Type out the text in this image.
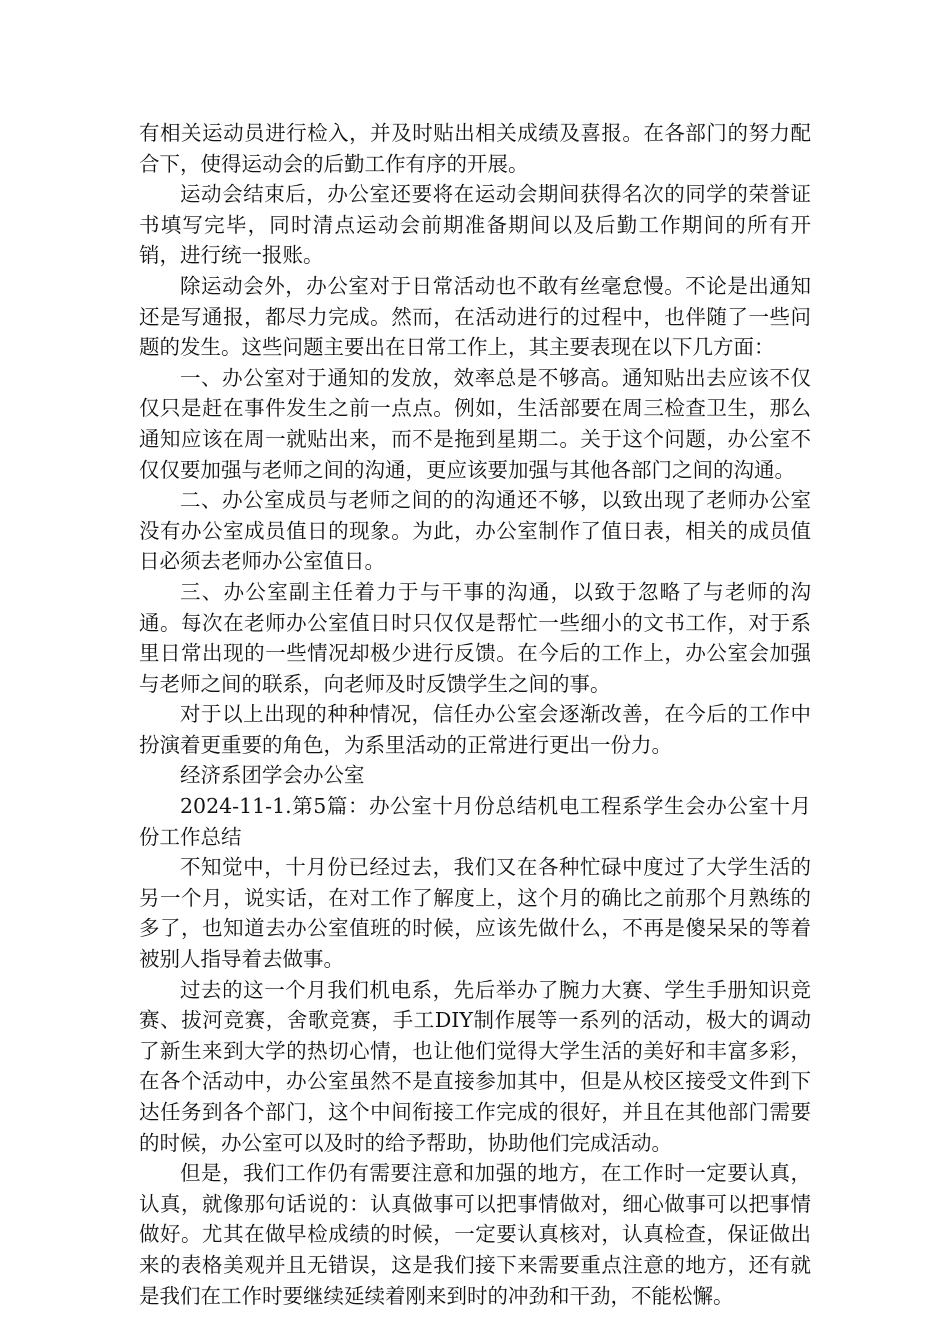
有相关运动员进行检入，并及时贴出相关成绩及喜报。在各部门的努力配合下，使得运动会的后勤工作有序的开展。

运动会结束后，办公室还要将在运动会期间获得名次的同学的荣誉证书填写完毕，同时清点运动会前期准备期间以及后勤工作期间的所有开销，进行统一报账。

除运动会外，办公室对于日常活动也不敢有丝毫怠慢。不论是出通知还是写通报，都尽力完成。然而，在活动进行的过程中，也伴随了一些问题的发生。这些问题主要出在日常工作上，其主要表现在以下几方面：

一、办公室对于通知的发放，效率总是不够高。通知贴出去应该不仅仅只是赶在事件发生之前一点点。例如，生活部要在周三检查卫生，那么通知应该在周一就贴出来，而不是拖到星期二。关于这个问题，办公室不仅仅要加强与老师之间的沟通，更应该要加强与其他各部门之间的沟通。

二、办公室成员与老师之间的的沟通还不够，以致出现了老师办公室没有办公室成员值日的现象。为此，办公室制作了值日表，相关的成员值日必须去老师办公室值日。

三、办公室副主任着力于与干事的沟通，以致于忽略了与老师的沟通。每次在老师办公室值日时只仅仅是帮忙一些细小的文书工作，对于系里日常出现的一些情况却极少进行反馈。在今后的工作上，办公室会加强与老师之间的联系，向老师及时反馈学生之间的事。

对于以上出现的种种情况，信任办公室会逐渐改善，在今后的工作中扮演着更重要的角色，为系里活动的正常进行更出一份力。

经济系团学会办公室

2024-11-1.第5篇：办公室十月份总结机电工程系学生会办公室十月份工作总结

不知觉中，十月份已经过去，我们又在各种忙碌中度过了大学生活的另一个月，说实话，在对工作了解度上，这个月的确比之前那个月熟练的多了，也知道去办公室值班的时候，应该先做什么，不再是傻呆呆的等着被别人指导着去做事。

过去的这一个月我们机电系，先后举办了腕力大赛、学生手册知识竞赛、拔河竞赛，舍歌竞赛，手工DIY制作展等一系列的活动，极大的调动了新生来到大学的热切心情，也让他们觉得大学生活的美好和丰富多彩，在各个活动中，办公室虽然不是直接参加其中，但是从校区接受文件到下达任务到各个部门，这个中间衔接工作完成的很好，并且在其他部门需要的时候，办公室可以及时的给予帮助，协助他们完成活动。

但是，我们工作仍有需要注意和加强的地方，在工作时一定要认真，认真，就像那句话说的：认真做事可以把事情做对，细心做事可以把事情做好。尤其在做早检成绩的时候，一定要认真核对，认真检查，保证做出来的表格美观并且无错误，这是我们接下来需要重点注意的地方，还有就是我们在工作时要继续延续着刚来到时的冲劲和干劲，不能松懈。
